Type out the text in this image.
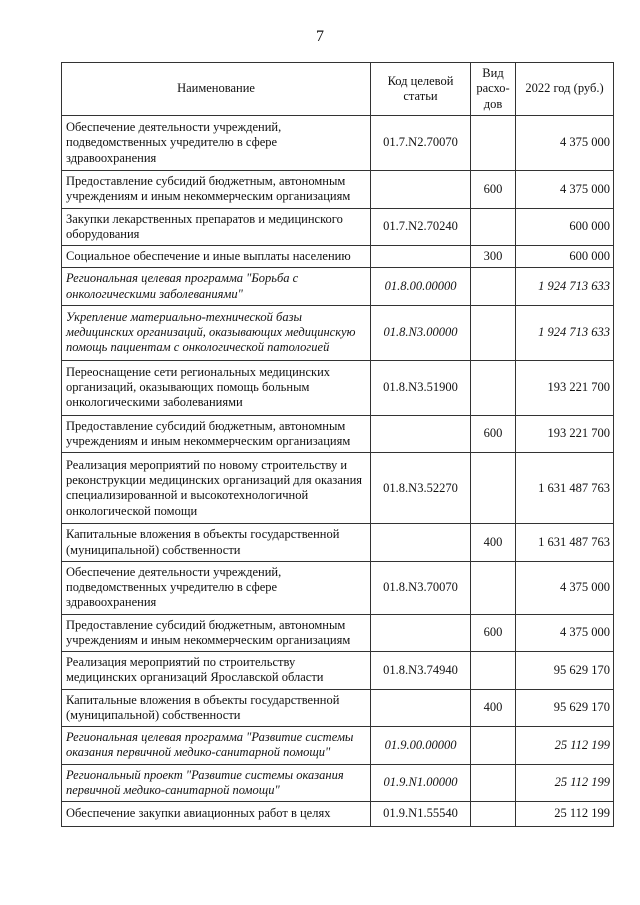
7
Наименование	Код целевой статьи	Вид расхо-дов	2022 год (руб.)
Обеспечение деятельности учреждений, подведомственных учредителю в сфере здравоохранения	01.7.N2.70070		4 375 000
Предоставление субсидий бюджетным, автономным учреждениям и иным некоммерческим организациям		600	4 375 000
Закупки лекарственных препаратов и медицинского оборудования	01.7.N2.70240		600 000
Социальное обеспечение и иные выплаты населению		300	600 000
Региональная целевая программа "Борьба с онкологическими заболеваниями"	01.8.00.00000		1 924 713 633
Укрепление материально-технической базы медицинских организаций, оказывающих медицинскую помощь пациентам с онкологической патологией	01.8.N3.00000		1 924 713 633
Переоснащение сети региональных медицинских организаций, оказывающих помощь больным онкологическими заболеваниями	01.8.N3.51900		193 221 700
Предоставление субсидий бюджетным, автономным учреждениям и иным некоммерческим организациям		600	193 221 700
Реализация мероприятий по новому строительству и реконструкции медицинских организаций для оказания специализированной и высокотехнологичной онкологической помощи	01.8.N3.52270		1 631 487 763
Капитальные вложения в объекты государственной (муниципальной) собственности		400	1 631 487 763
Обеспечение деятельности учреждений, подведомственных учредителю в сфере здравоохранения	01.8.N3.70070		4 375 000
Предоставление субсидий бюджетным, автономным учреждениям и иным некоммерческим организациям		600	4 375 000
Реализация мероприятий по строительству медицинских организаций Ярославской области	01.8.N3.74940		95 629 170
Капитальные вложения в объекты государственной (муниципальной) собственности		400	95 629 170
Региональная целевая программа "Развитие системы оказания первичной медико-санитарной помощи"	01.9.00.00000		25 112 199
Региональный проект "Развитие системы оказания первичной медико-санитарной помощи"	01.9.N1.00000		25 112 199
Обеспечение закупки авиационных работ в целях	01.9.N1.55540		25 112 199
